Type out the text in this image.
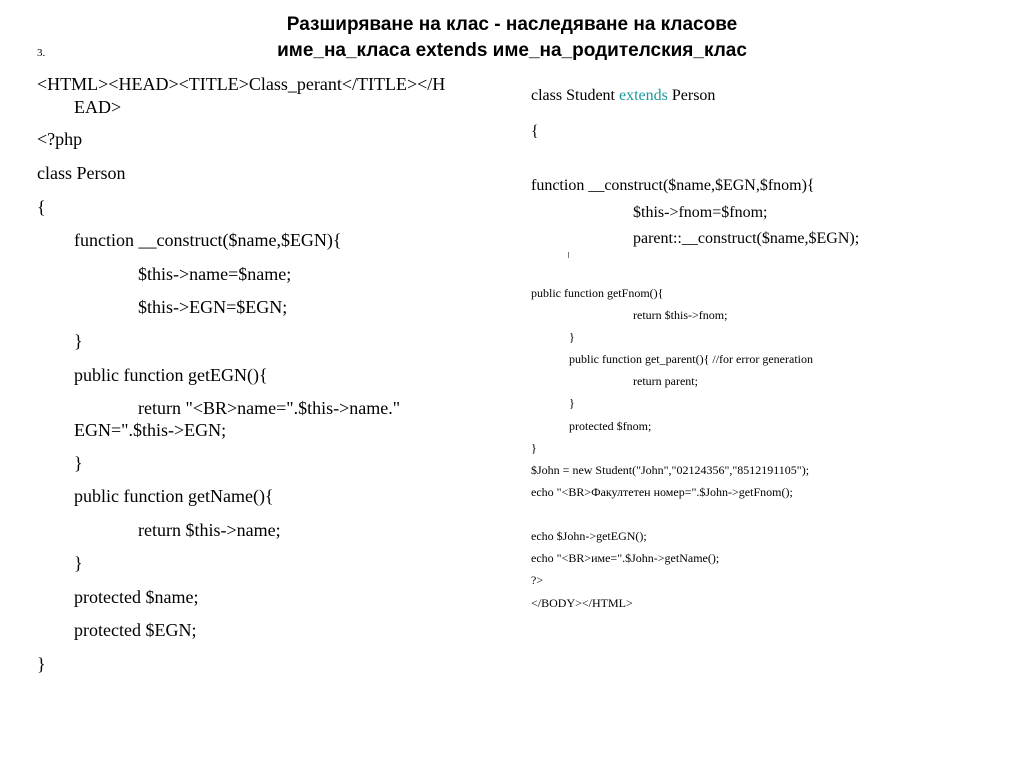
Разширяване на клас - наследяване на класове
име_на_класа extends име_на_родителския_клас
3.
<HTML><HEAD><TITLE>Class_perant</TITLE></H
EAD>
<?php
class Person
{
function __construct($name,$EGN){
$this->name=$name;
$this->EGN=$EGN;
}
public function getEGN(){
return "<BR>name=".$this->name."
EGN=".$this->EGN;
}
public function getName(){
return $this->name;
}
protected $name;
protected $EGN;
}
class Student extends Person
{
function __construct($name,$EGN,$fnom){
$this->fnom=$fnom;
parent::__construct($name,$EGN);
public function getFnom(){
return $this->fnom;
}
public function get_parent(){ //for error generation
return parent;
}
protected $fnom;
}
$John = new Student("John","02124356","8512191105");
echo "<BR>Факултетен номер=".$John->getFnom();
echo $John->getEGN();
echo "<BR>име=".$John->getName();
?>
</BODY></HTML>
